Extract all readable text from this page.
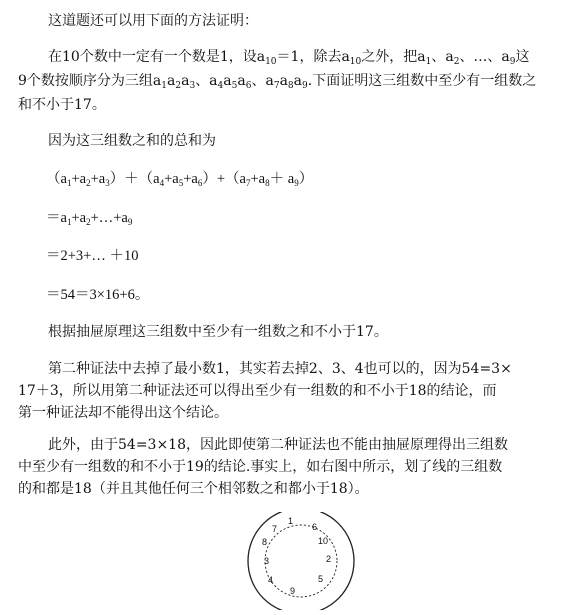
这道题还可以用下面的方法证明：
在10个数中一定有一个数是1，设$a_{10}=1$，除去$a_{10}$之外，把$a_1$、$a_2$、…、$a_9$这
9个数按顺序分为三组$a_1a_2a_3$、$a_4a_5a_6$、$a_7a_8a_9$.下面证明这三组数中至少有一组数之
和不小于17。
因为这三组数之和的总和为
$(a_1+a_2+a_3)+(a_4+a_5+a_6)+(a_7+a_8+ a_9)$
$=a_1+a_2+\dots+a_9$
＝2+3+… ＋10
＝54＝3×16+6。
根据抽屉原理这三组数中至少有一组数之和不小于17。
第二种证法中去掉了最小数1，其实若去掉2、3、4也可以的，因为54=3×
17＋3，所以用第二种证法还可以得出至少有一组数的和不小于18的结论，而
第一种证法却不能得出这个结论。
此外，由于54=3×18，因此即使第二种证法也不能由抽屉原理得出三组数
中至少有一组数的和不小于19的结论.事实上，如右图中所示，划了线的三组数
的和都是18（并且其他任何三个相邻数之和都小于18）。
1
6
10
2
5
9
4
3
8
7
